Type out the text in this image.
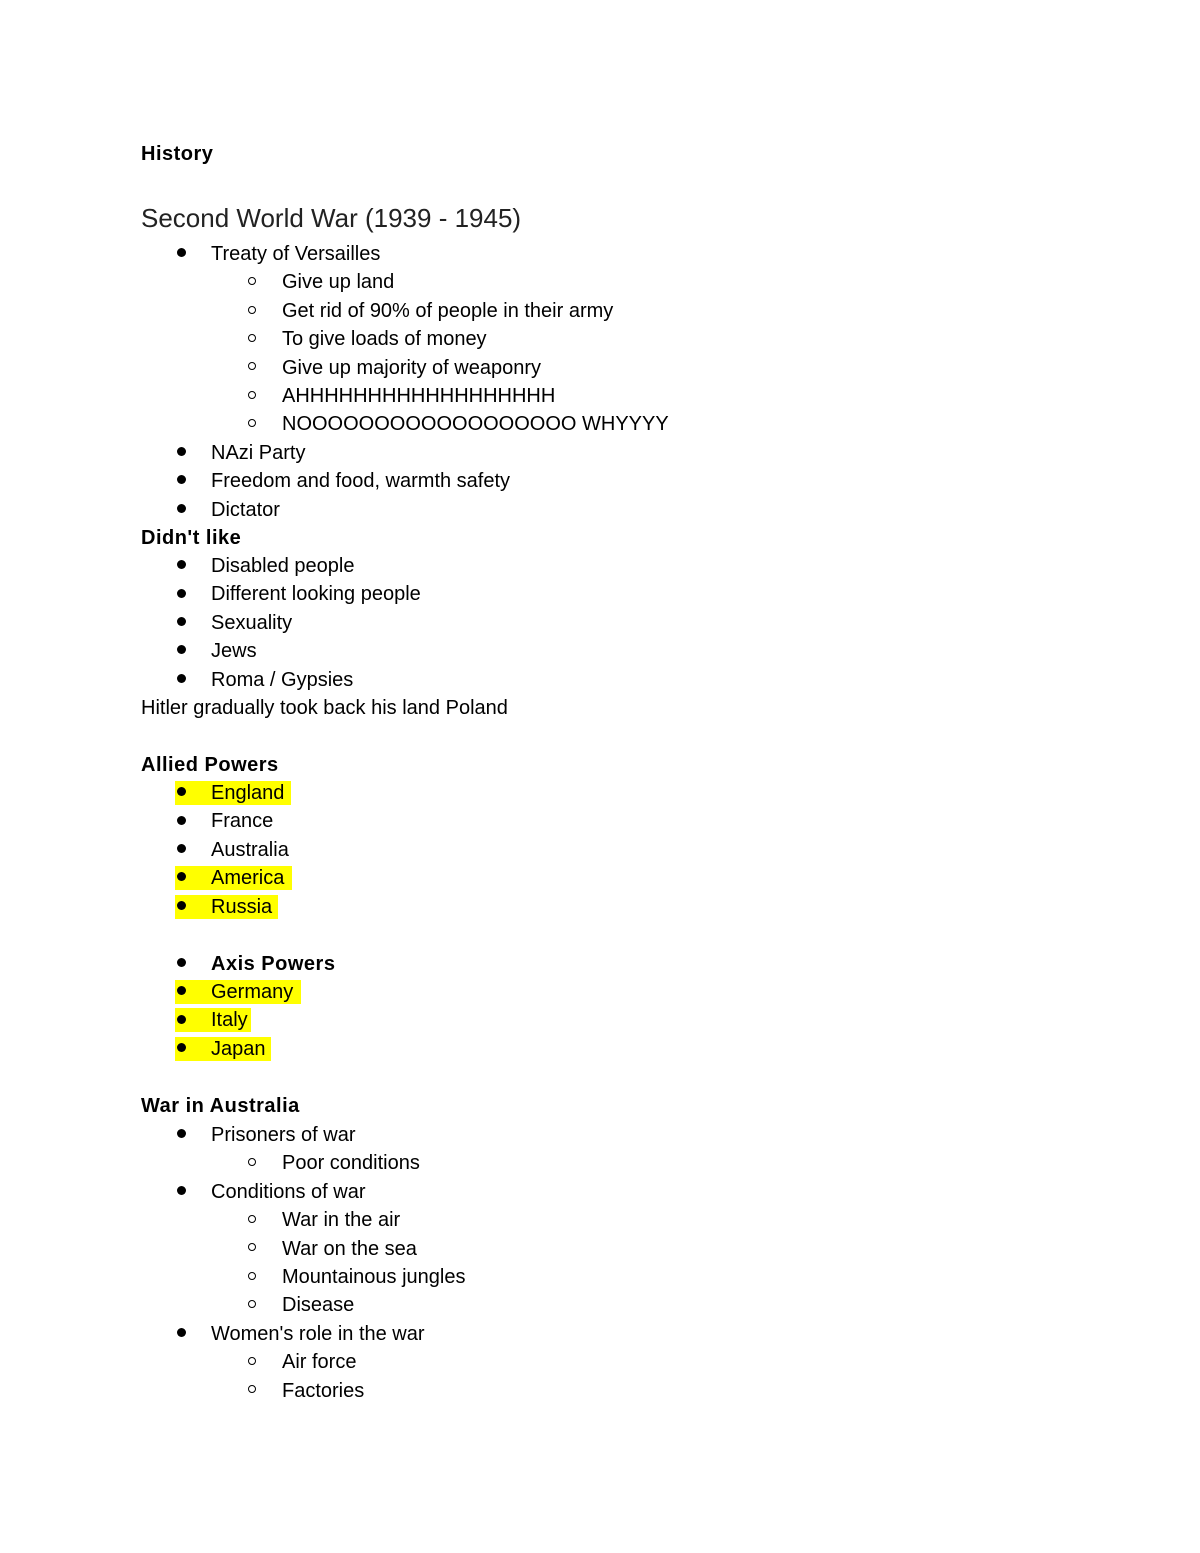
History
Second World War (1939 - 1945)
Treaty of Versailles
Give up land
Get rid of 90% of people in their army
To give loads of money
Give up majority of weaponry
AHHHHHHHHHHHHHHHHHH
NOOOOOOOOOOOOOOOOOO WHYYYY
NAzi Party
Freedom and food, warmth safety
Dictator
Didn't like
Disabled people
Different looking people
Sexuality
Jews
Roma / Gypsies
Hitler gradually took back his land Poland
Allied Powers
England
France
Australia
America
Russia
Axis Powers
Germany
Italy
Japan
War in Australia
Prisoners of war
Poor conditions
Conditions of war
War in the air
War on the sea
Mountainous jungles
Disease
Women's role in the war
Air force
Factories
